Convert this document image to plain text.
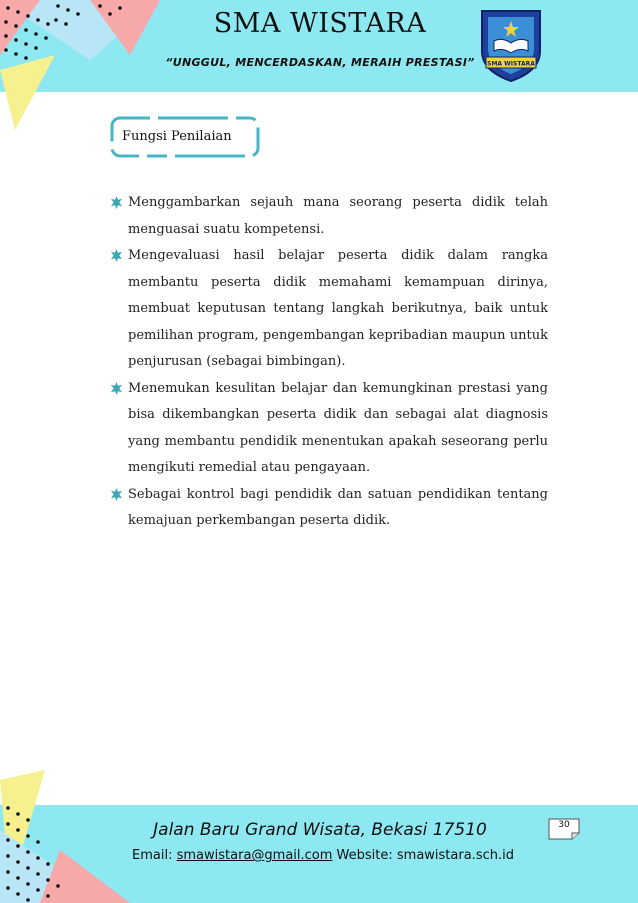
SMA WISTARA
“UNGGUL, MENCERDASKAN, MERAIH PRESTASI”	SMA WISTARA
Fungsi Penilaian
Menggambarkan sejauh mana seorang peserta didik telah menguasai suatu kompetensi.
Mengevaluasi hasil belajar peserta didik dalam rangka membantu peserta didik memahami kemampuan dirinya, membuat keputusan tentang langkah berikutnya, baik untuk pemilihan program, pengembangan kepribadian maupun untuk penjurusan (sebagai bimbingan).
Menemukan kesulitan belajar dan kemungkinan prestasi yang bisa dikembangkan peserta didik dan sebagai alat diagnosis yang membantu pendidik menentukan apakah seseorang perlu mengikuti remedial atau pengayaan.
Sebagai kontrol bagi pendidik dan satuan pendidikan tentang kemajuan perkembangan peserta didik.
Jalan Baru Grand Wisata, Bekasi 17510
Email: smawistara@gmail.com Website: smawistara.sch.id
30
